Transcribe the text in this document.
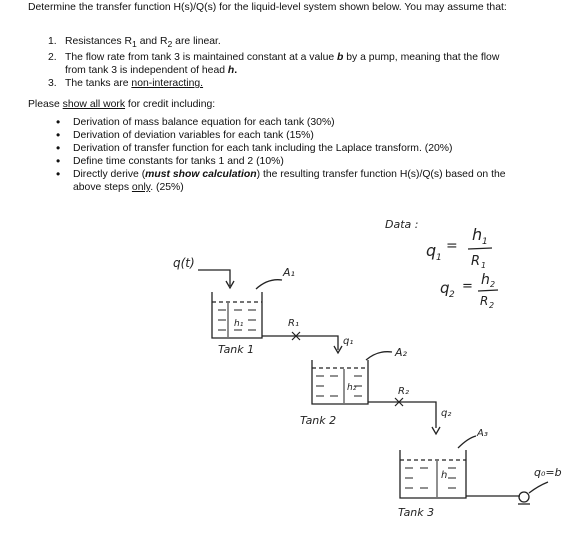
Determine the transfer function H(s)/Q(s) for the liquid-level system shown below. You may assume that:
1. Resistances $R_1$ and $R_2$ are linear.
2. The flow rate from tank 3 is maintained constant at a value b by a pump, meaning that the flow from tank 3 is independent of head h.
3. The tanks are non-interacting.
Please show all work for credit including:
• Derivation of mass balance equation for each tank (30%)
• Derivation of deviation variables for each tank (15%)
• Derivation of transfer function for each tank including the Laplace transform. (20%)
• Define time constants for tanks 1 and 2 (10%)
• Directly derive (must show calculation) the resulting transfer function H(s)/Q(s) based on the above steps only. (25%)
Data :
q 1
=
h 1
R 1
q 2
= h 2
R 2
q(t)
A₁
h₁
Tank 1
R₁
q₁
A₂
h₂
Tank 2
R₂
q₂
A₃
h
Tank 3
q₀=b
